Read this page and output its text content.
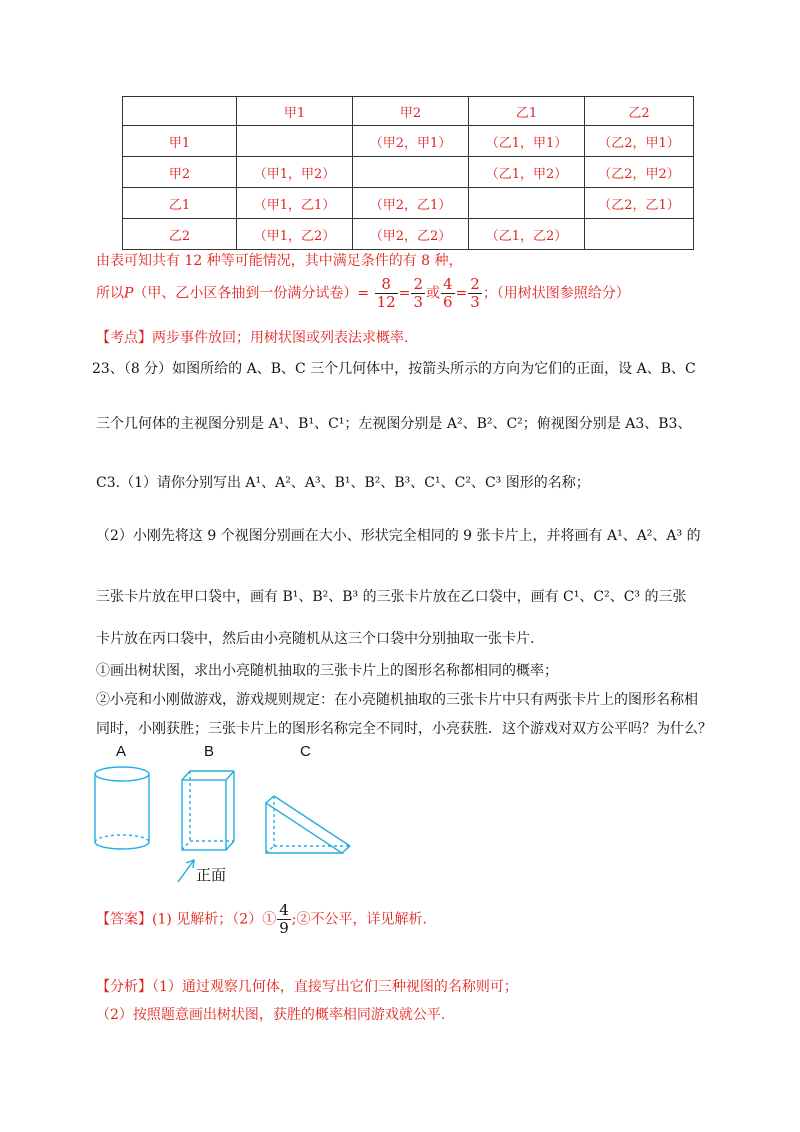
	甲1	甲2	乙1	乙2
甲1		（甲2，甲1）	（乙1，甲1）	（乙2，甲1）
甲2	（甲1，甲2）		（乙1，甲2）	（乙2，甲2）
乙1	（甲1，乙1）	（甲2，乙1）		（乙2，乙1）
乙2	（甲1，乙2）	（甲2，乙2）	（乙1，乙2）	
由表可知共有 12 种等可能情况，其中满足条件的有 8 种，
所以P（甲、乙小区各抽到一份满分试卷）= $\frac{8}{12} = \frac{2}{3}$ 或 $\frac{4}{6} = \frac{2}{3}$ ；（用树状图参照给分）
【考点】两步事件放回；用树状图或列表法求概率.
23、（8 分）如图所给的 A、B、C 三个几何体中，按箭头所示的方向为它们的正面，设 A、B、C
三个几何体的主视图分别是 A¹、B¹、C¹；左视图分别是 A²、B²、C²；俯视图分别是 A3、B3、
C3.（1）请你分别写出 A¹、A²、A³、B¹、B²、B³、C¹、C²、C³ 图形的名称；
（2）小刚先将这 9 个视图分别画在大小、形状完全相同的 9 张卡片上，并将画有 A¹、A²、A³ 的
三张卡片放在甲口袋中，画有 B¹、B²、B³ 的三张卡片放在乙口袋中，画有 C¹、C²、C³ 的三张
卡片放在丙口袋中，然后由小亮随机从这三个口袋中分别抽取一张卡片.
①画出树状图，求出小亮随机抽取的三张卡片上的图形名称都相同的概率；
②小亮和小刚做游戏，游戏规则规定：在小亮随机抽取的三张卡片中只有两张卡片上的图形名称相
同时，小刚获胜；三张卡片上的图形名称完全不同时，小亮获胜．这个游戏对双方公平吗？为什么？
A	B	C
正面
【答案】(1) 见解析；（2）① $\frac{4}{9}$ ;②不公平，详见解析.
【分析】（1）通过观察几何体，直接写出它们三种视图的名称则可；
（2）按照题意画出树状图，获胜的概率相同游戏就公平.
